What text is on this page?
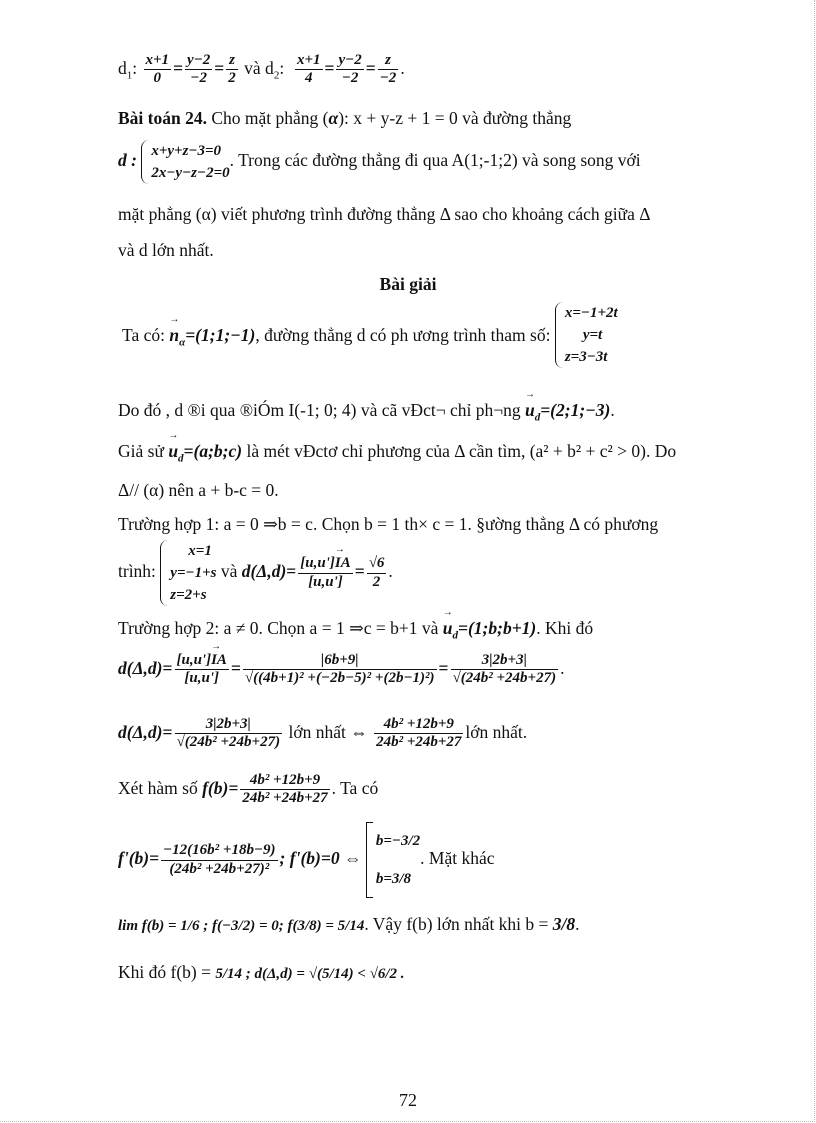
$d_1$: $\frac{x+1}{0} = \frac{y-2}{-2} = \frac{z}{2}$ và $d_2$: $\frac{x+1}{4} = \frac{y-2}{-2} = \frac{z}{-2}$ .
Bài toán 24. Cho mặt phẳng (α): x + y-z + 1 = 0 và đường thẳng
d : x+y+z−3=0
2x−y−z−2=0
. Trong các đường thẳng đi qua A(1;-1;2) và song song với
mặt phẳng (α) viết phương trình đường thẳng Δ sao cho khoảng cách giữa Δ
và d lớn nhất.
Bài giải
Ta có: → $n_\alpha=(1;1;-1)$, đường thẳng d có ph ương trình tham số:
x=−1+2t
y=t
z=3−3t
Do đó , d ®i qua ®iÓm I(-1; 0; 4) và cã vÐct¬ chỉ ph¬ng → $u_d=(2;1;-3)$.
Giả sử → $u_d=(a;b;c)$ là mét vÐctơ chỉ phương của Δ cần tìm, (a² + b² + c² > 0). Do
Δ// (α) nên a + b-c = 0.
Trường hợp 1: a = 0 ⇒b = c. Chọn b = 1 th× c = 1. §ường thẳng Δ có phương
trình:
x=1
y=−1+s
z=2+s
và $d(\Delta,d)= \frac{[u,u']\to IA}{[u,u']} = \frac{√6}{2}$ .
Trường hợp 2: a ≠ 0. Chọn a = 1 ⇒c = b+1 và → $u_d=(1;b;b+1)$. Khi đó
$d(\Delta,d)= \frac{[u,u']\to IA}{[u,u']} = \frac{|6b+9|}{\text{√((4b+1)² +(−2b−5)² +(2b−1)²)}} = \frac{3|2b+3|}{\text{√(24b² +24b+27)}}$ .
$d(\Delta,d)= \frac{3|2b+3|}{\text{√(24b² +24b+27)}}$ lớn nhất ⇔ $\frac{\text{4b² +12b+9}}{\text{24b² +24b+27}}$ lớn nhất.
Xét hàm số $f(b)= \frac{\text{4b² +12b+9}}{\text{24b² +24b+27}}$ . Ta có
$f'(b)= \frac{\text{−12(16b² +18b−9)}}{\text{(24b² +24b+27)²}}$ ; f'(b)=0 ⇔
b=−3/2
b=3/8
. Mặt khác
lim f(b) = 1/6 ; f(−3/2) = 0; f(3/8) = 5/14. Vậy f(b) lớn nhất khi b = 3/8.
Khi đó f(b) = 5/14 ; d(Δ,d) = √(5/14) < √6/2 .
72
